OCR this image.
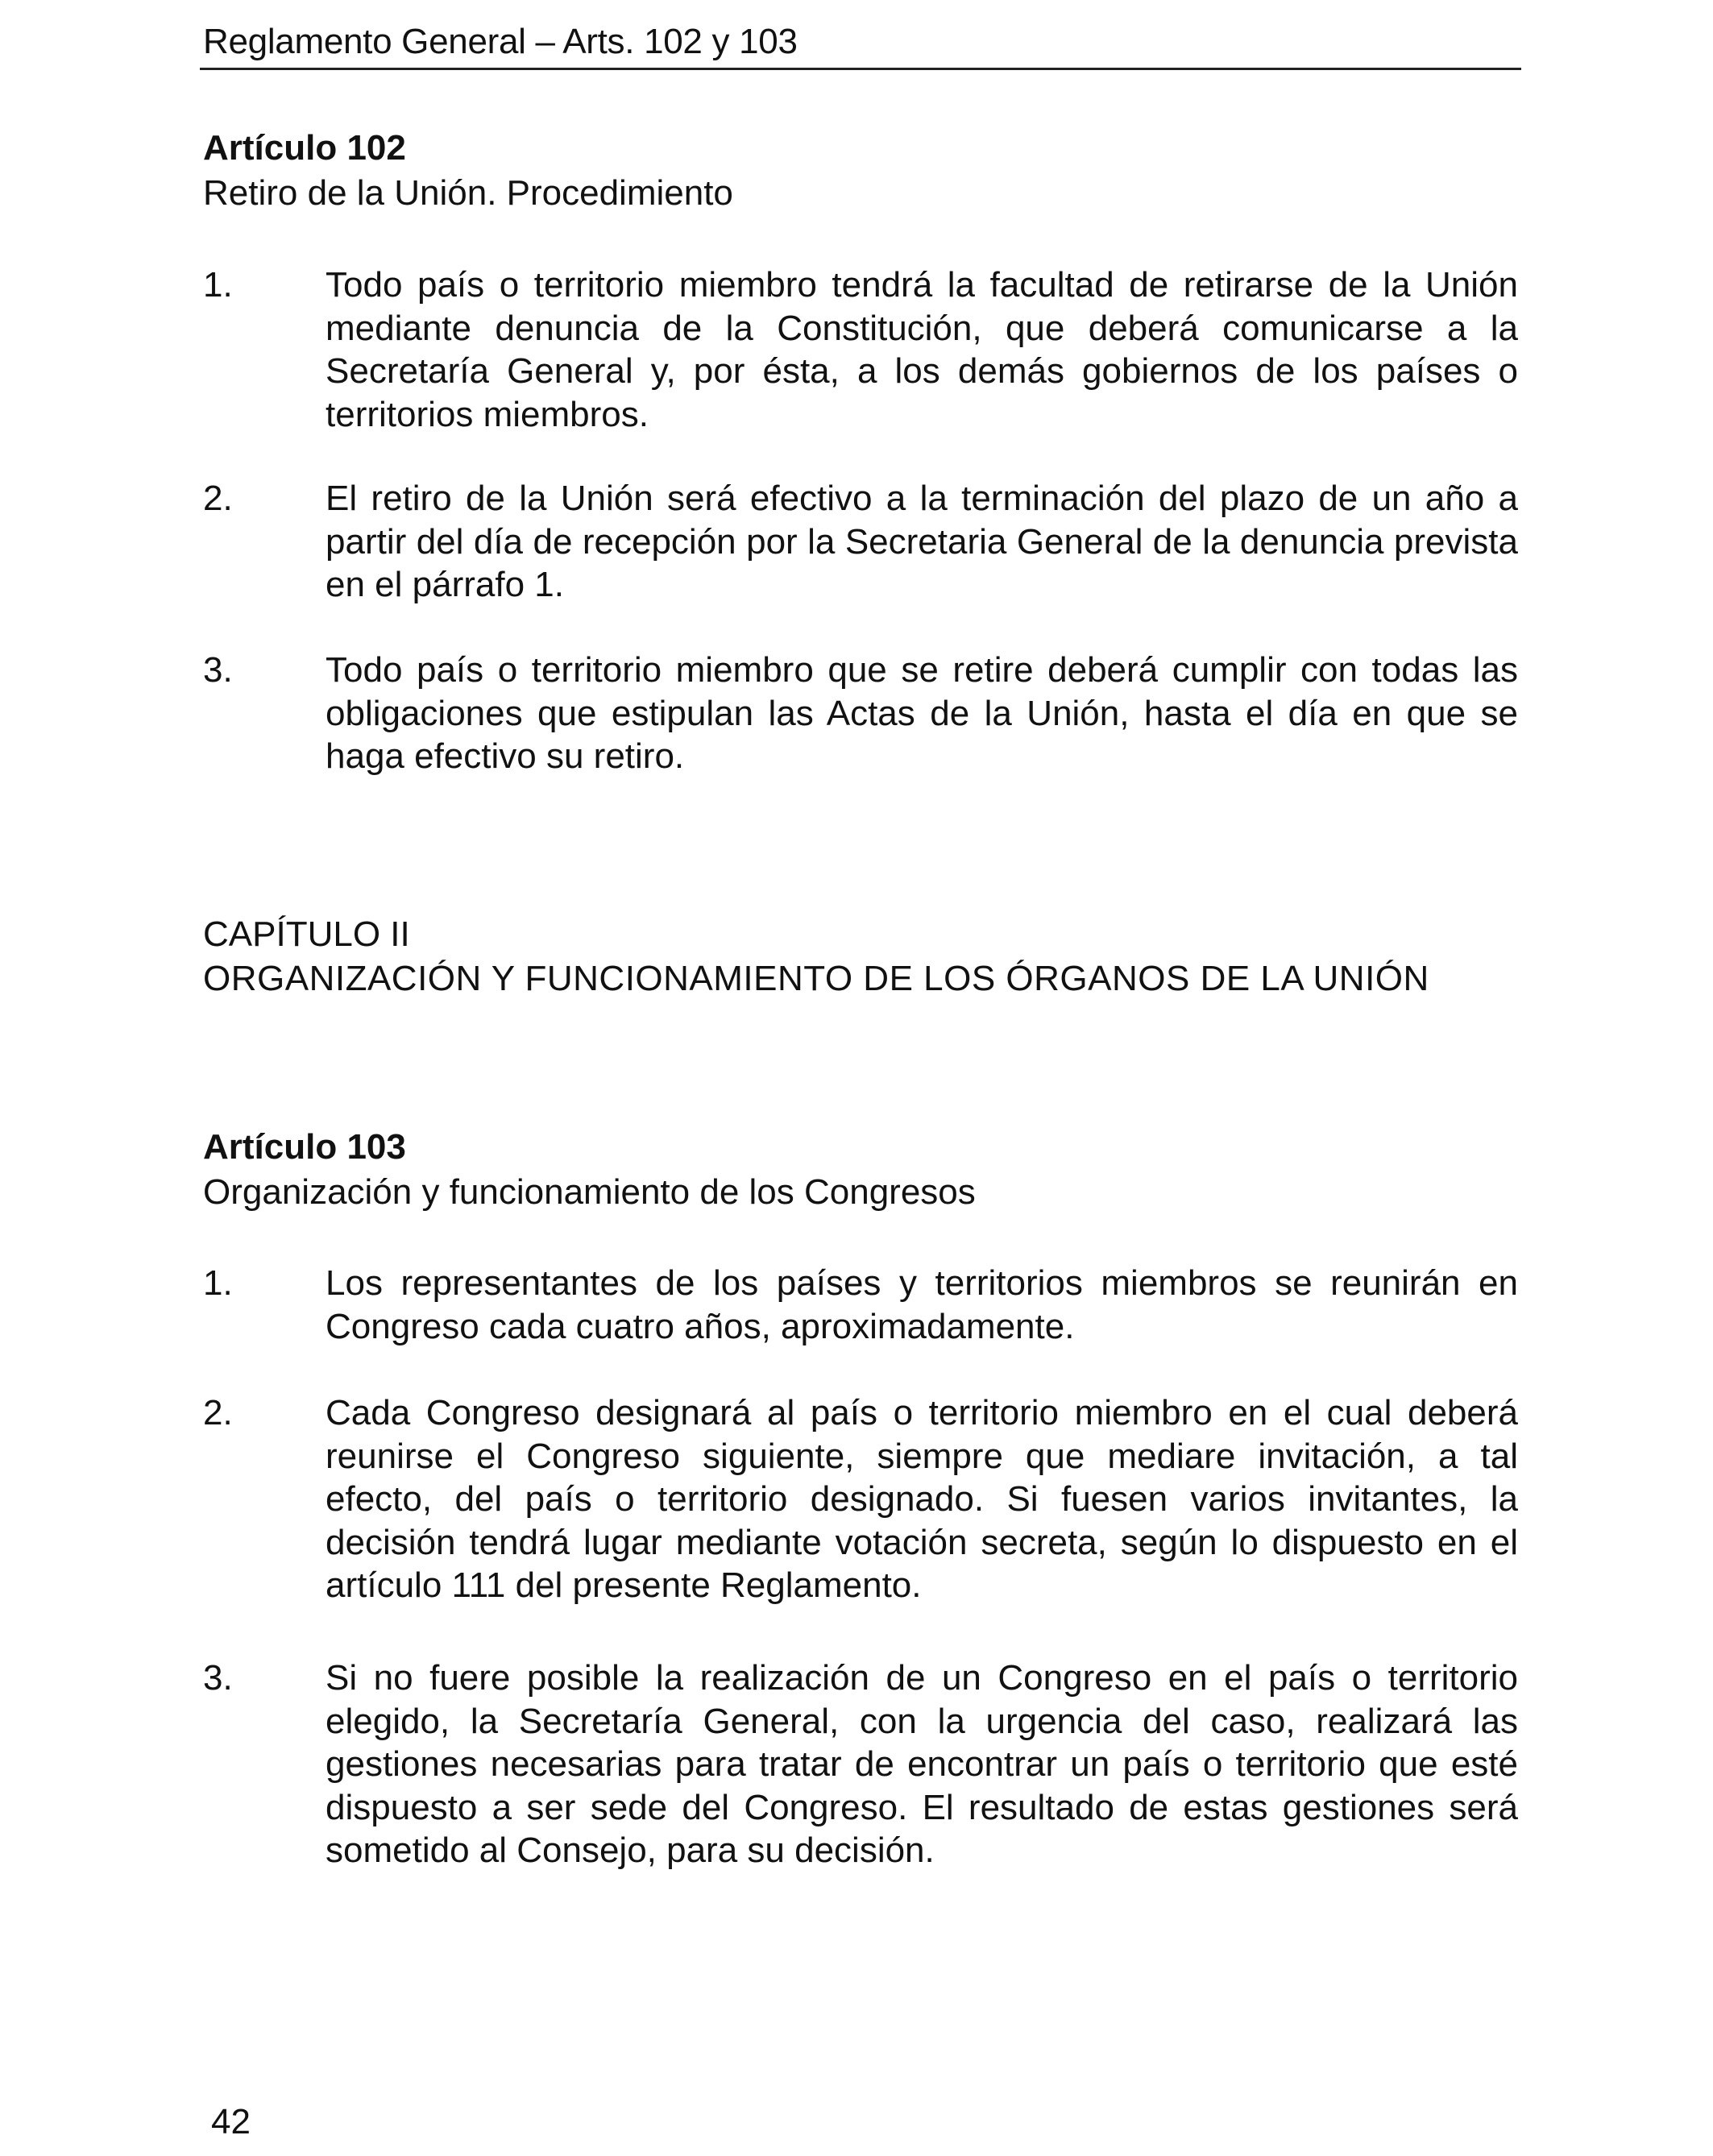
Reglamento General – Arts. 102 y 103
Artículo 102
Retiro de la Unión. Procedimiento
1.	Todo país o territorio miembro tendrá la facultad de retirarse de la Unión mediante denuncia de la Constitución, que deberá comunicarse a la Secretaría General y, por ésta, a los demás gobiernos de los países o territorios miembros.
2.	El retiro de la Unión será efectivo a la terminación del plazo de un año a partir del día de recepción por la Secretaria General de la denuncia prevista en el párrafo 1.
3.	Todo país o territorio miembro que se retire deberá cumplir con todas las obligaciones que estipulan las Actas de la Unión, hasta el día en que se haga efectivo su retiro.
CAPÍTULO II
ORGANIZACIÓN Y FUNCIONAMIENTO DE LOS ÓRGANOS DE LA UNIÓN
Artículo 103
Organización y funcionamiento de los Congresos
1.	Los representantes de los países y territorios miembros se reunirán en Congreso cada cuatro años, aproximadamente.
2.	Cada Congreso designará al país o territorio miembro en el cual deberá reunirse el Congreso siguiente, siempre que mediare invitación, a tal efecto, del país o territorio designado. Si fuesen varios invitantes, la decisión tendrá lugar mediante votación secreta, según lo dispuesto en el artículo 111 del presente Reglamento.
3.	Si no fuere posible la realización de un Congreso en el país o territorio elegido, la Secretaría General, con la urgencia del caso, realizará las gestiones necesarias para tratar de encontrar un país o territorio que esté dispuesto a ser sede del Congreso. El resultado de estas gestiones será sometido al Consejo, para su decisión.
42
